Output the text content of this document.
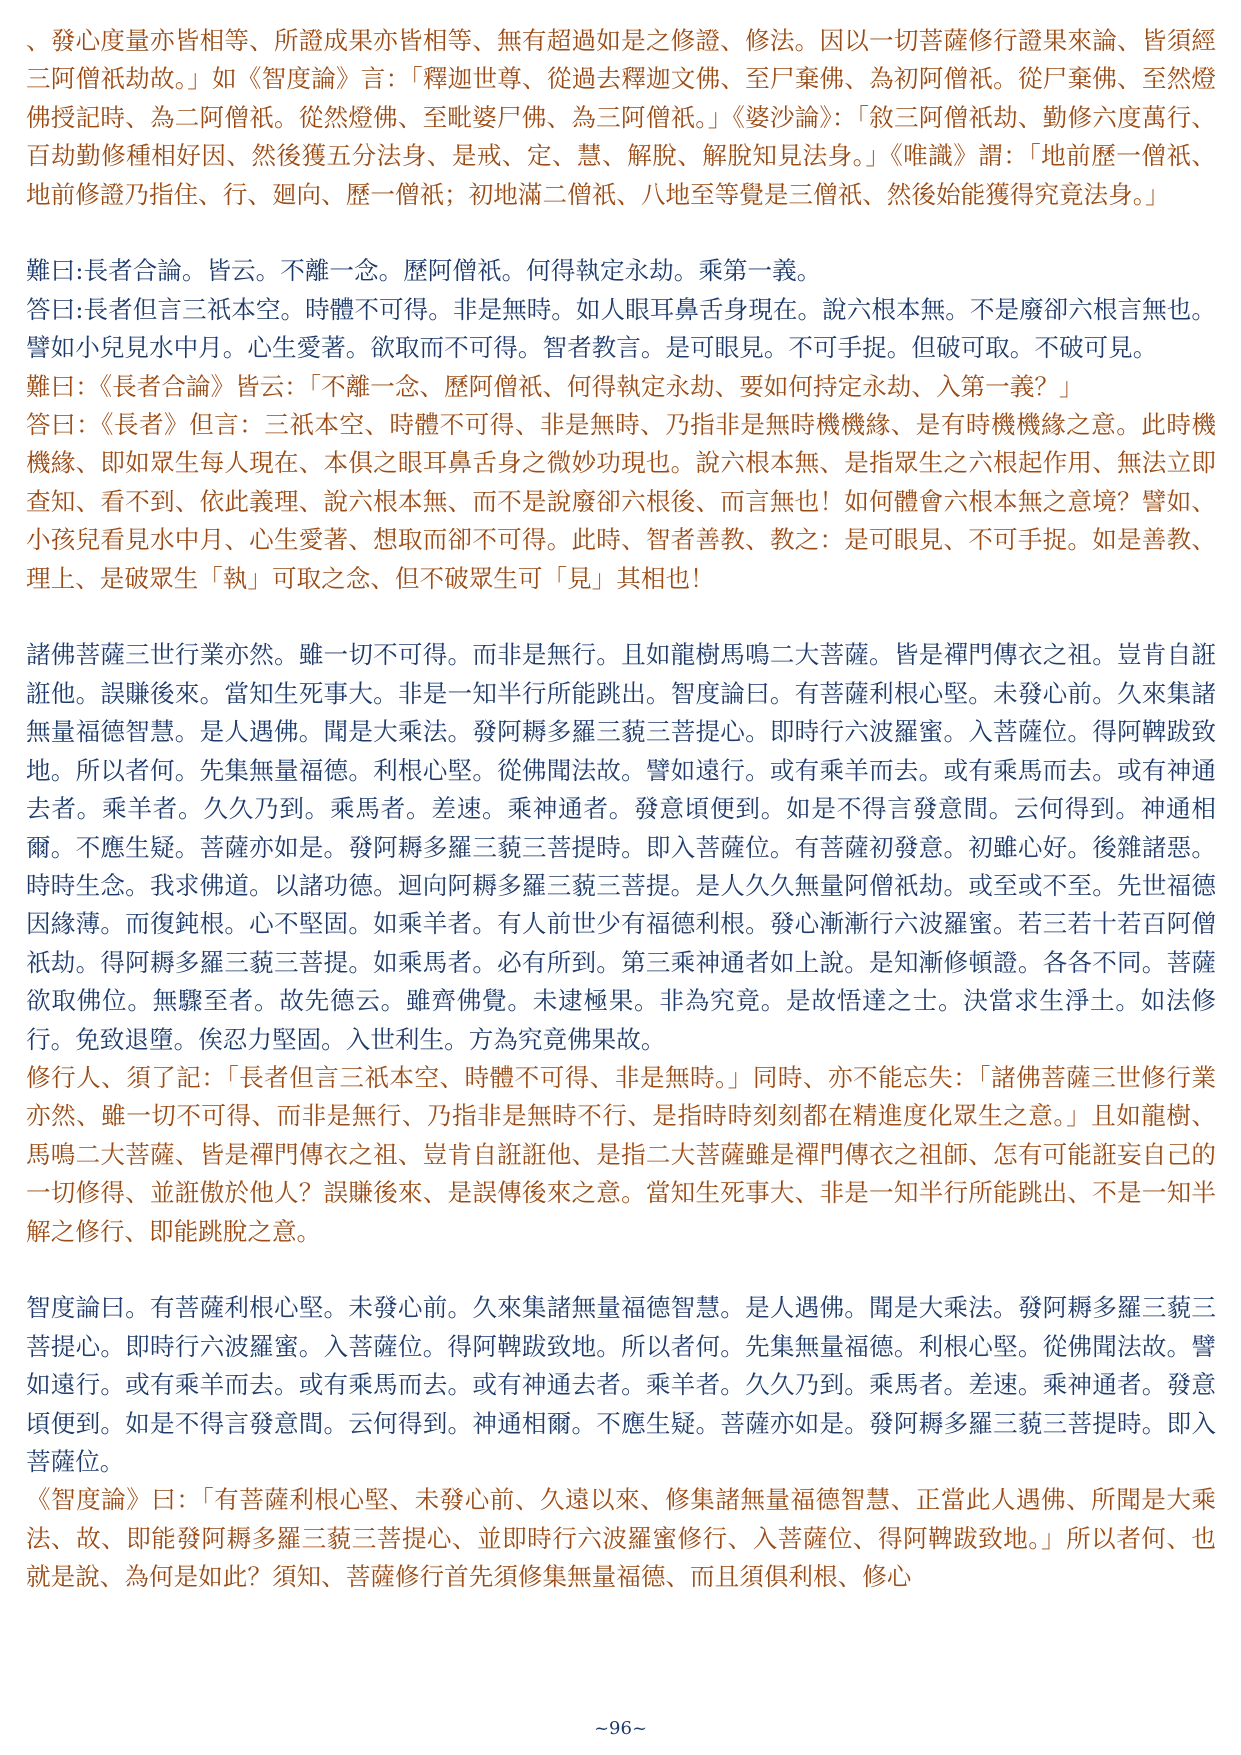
、發心度量亦皆相等、所證成果亦皆相等、無有超過如是之修證、修法。因以一切菩薩修行證果來論、皆須經三阿僧祇劫故。」如《智度論》言：「釋迦世尊、從過去釋迦文佛、至尸棄佛、為初阿僧祇。從尸棄佛、至然燈佛授記時、為二阿僧祇。從然燈佛、至毗婆尸佛、為三阿僧祇。」《婆沙論》：「敘三阿僧祇劫、勤修六度萬行、百劫勤修種相好因、然後獲五分法身、是戒、定、慧、解脫、解脫知見法身。」《唯識》謂：「地前歷一僧祇、地前修證乃指住、行、廻向、歷一僧祇；初地滿二僧祇、八地至等覺是三僧祇、然後始能獲得究竟法身。」

難曰:長者合論。皆云。不離一念。歷阿僧祇。何得執定永劫。乘第一義。

答曰:長者但言三祇本空。時體不可得。非是無時。如人眼耳鼻舌身現在。說六根本無。不是廢卻六根言無也。譬如小兒見水中月。心生愛著。欲取而不可得。智者教言。是可眼見。不可手捉。但破可取。不破可見。

難曰：《長者合論》皆云：「不離一念、歷阿僧祇、何得執定永劫、要如何持定永劫、入第一義？」

答曰：《長者》但言：三祇本空、時體不可得、非是無時、乃指非是無時機機緣、是有時機機緣之意。此時機機緣、即如眾生每人現在、本俱之眼耳鼻舌身之微妙功現也。說六根本無、是指眾生之六根起作用、無法立即查知、看不到、依此義理、說六根本無、而不是說廢卻六根後、而言無也！如何體會六根本無之意境？譬如、小孩兒看見水中月、心生愛著、想取而卻不可得。此時、智者善教、教之：是可眼見、不可手捉。如是善教、理上、是破眾生「執」可取之念、但不破眾生可「見」其相也！

諸佛菩薩三世行業亦然。雖一切不可得。而非是無行。且如龍樹馬鳴二大菩薩。皆是禪門傳衣之祖。豈肯自誑誑他。誤賺後來。當知生死事大。非是一知半行所能跳出。智度論曰。有菩薩利根心堅。未發心前。久來集諸無量福德智慧。是人遇佛。聞是大乘法。發阿耨多羅三藐三菩提心。即時行六波羅蜜。入菩薩位。得阿鞞跋致地。所以者何。先集無量福德。利根心堅。從佛聞法故。譬如遠行。或有乘羊而去。或有乘馬而去。或有神通去者。乘羊者。久久乃到。乘馬者。差速。乘神通者。發意頃便到。如是不得言發意間。云何得到。神通相爾。不應生疑。菩薩亦如是。發阿耨多羅三藐三菩提時。即入菩薩位。有菩薩初發意。初雖心好。後雜諸惡。時時生念。我求佛道。以諸功德。迴向阿耨多羅三藐三菩提。是人久久無量阿僧祇劫。或至或不至。先世福德因緣薄。而復鈍根。心不堅固。如乘羊者。有人前世少有福德利根。發心漸漸行六波羅蜜。若三若十若百阿僧祇劫。得阿耨多羅三藐三菩提。如乘馬者。必有所到。第三乘神通者如上說。是知漸修頓證。各各不同。菩薩欲取佛位。無驟至者。故先德云。雖齊佛覺。未逮極果。非為究竟。是故悟達之士。決當求生淨土。如法修行。免致退墮。俟忍力堅固。入世利生。方為究竟佛果故。

修行人、須了記：「長者但言三祇本空、時體不可得、非是無時。」同時、亦不能忘失：「諸佛菩薩三世修行業亦然、雖一切不可得、而非是無行、乃指非是無時不行、是指時時刻刻都在精進度化眾生之意。」且如龍樹、馬鳴二大菩薩、皆是禪門傳衣之祖、豈肯自誑誑他、是指二大菩薩雖是禪門傳衣之祖師、怎有可能誑妄自己的一切修得、並誑傲於他人？誤賺後來、是誤傳後來之意。當知生死事大、非是一知半行所能跳出、不是一知半解之修行、即能跳脫之意。

智度論曰。有菩薩利根心堅。未發心前。久來集諸無量福德智慧。是人遇佛。聞是大乘法。發阿耨多羅三藐三菩提心。即時行六波羅蜜。入菩薩位。得阿鞞跋致地。所以者何。先集無量福德。利根心堅。從佛聞法故。譬如遠行。或有乘羊而去。或有乘馬而去。或有神通去者。乘羊者。久久乃到。乘馬者。差速。乘神通者。發意頃便到。如是不得言發意間。云何得到。神通相爾。不應生疑。菩薩亦如是。發阿耨多羅三藐三菩提時。即入菩薩位。

《智度論》曰：「有菩薩利根心堅、未發心前、久遠以來、修集諸無量福德智慧、正當此人遇佛、所聞是大乘法、故、即能發阿耨多羅三藐三菩提心、並即時行六波羅蜜修行、入菩薩位、得阿鞞跋致地。」所以者何、也就是說、為何是如此？須知、菩薩修行首先須修集無量福德、而且須俱利根、修心

~96~
